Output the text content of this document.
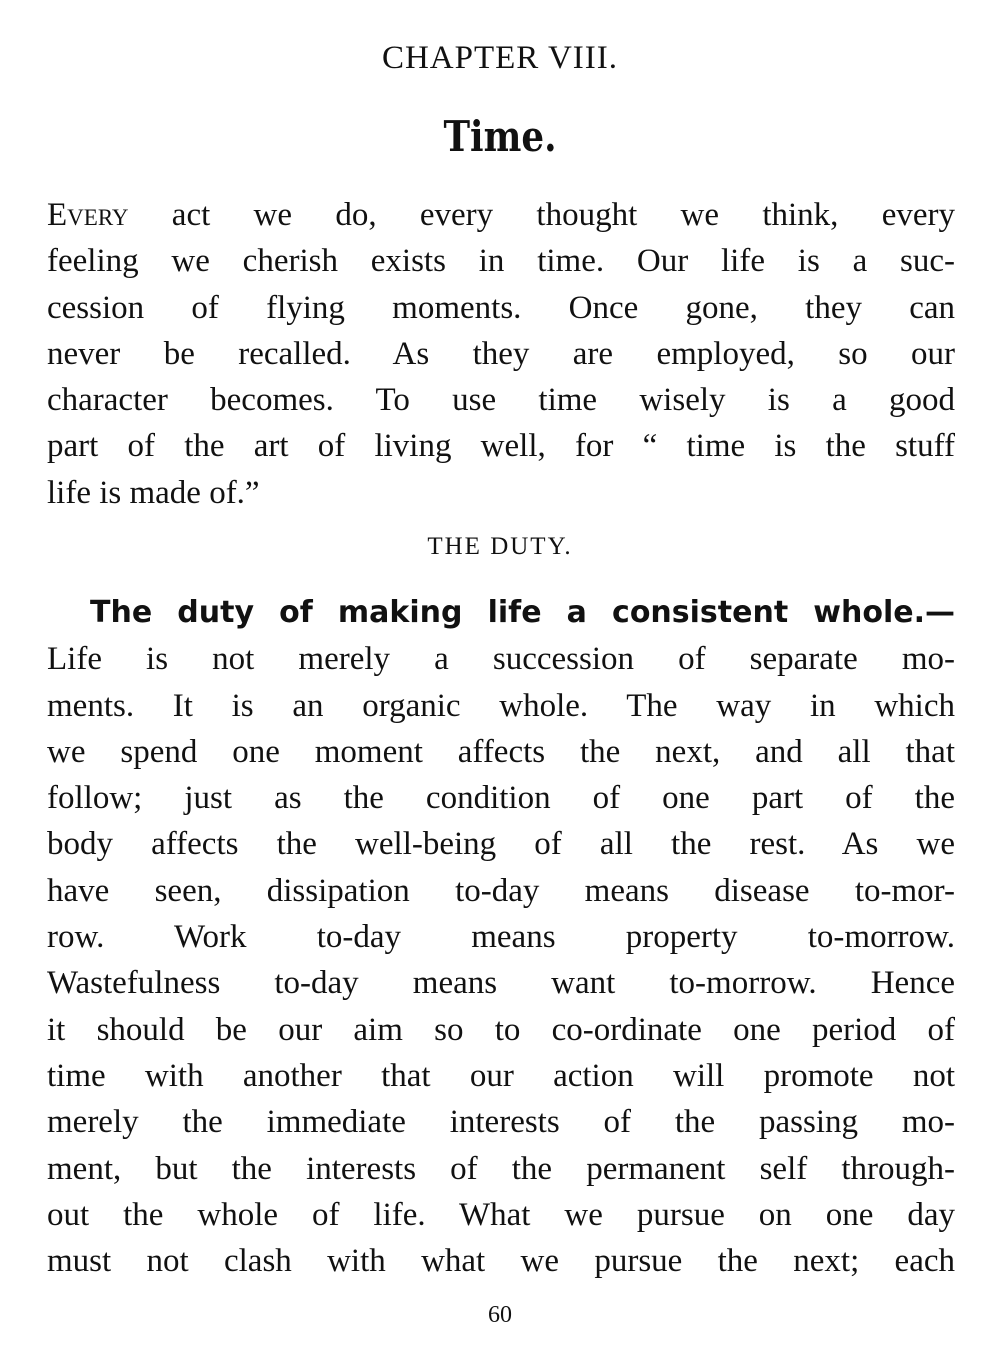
CHAPTER VIII.
Time.
Every act we do, every thought we think, every
feeling we cherish exists in time. Our life is a suc-
cession of flying moments. Once gone, they can
never be recalled. As they are employed, so our
character becomes. To use time wisely is a good
part of the art of living well, for “ time is the stuff
life is made of.”
THE DUTY.
The duty of making life a consistent whole.—
Life is not merely a succession of separate mo-
ments. It is an organic whole. The way in which
we spend one moment affects the next, and all that
follow; just as the condition of one part of the
body affects the well-being of all the rest. As we
have seen, dissipation to-day means disease to-mor-
row. Work to-day means property to-morrow.
Wastefulness to-day means want to-morrow. Hence
it should be our aim so to co-ordinate one period of
time with another that our action will promote not
merely the immediate interests of the passing mo-
ment, but the interests of the permanent self through-
out the whole of life. What we pursue on one day
must not clash with what we pursue the next; each
60
